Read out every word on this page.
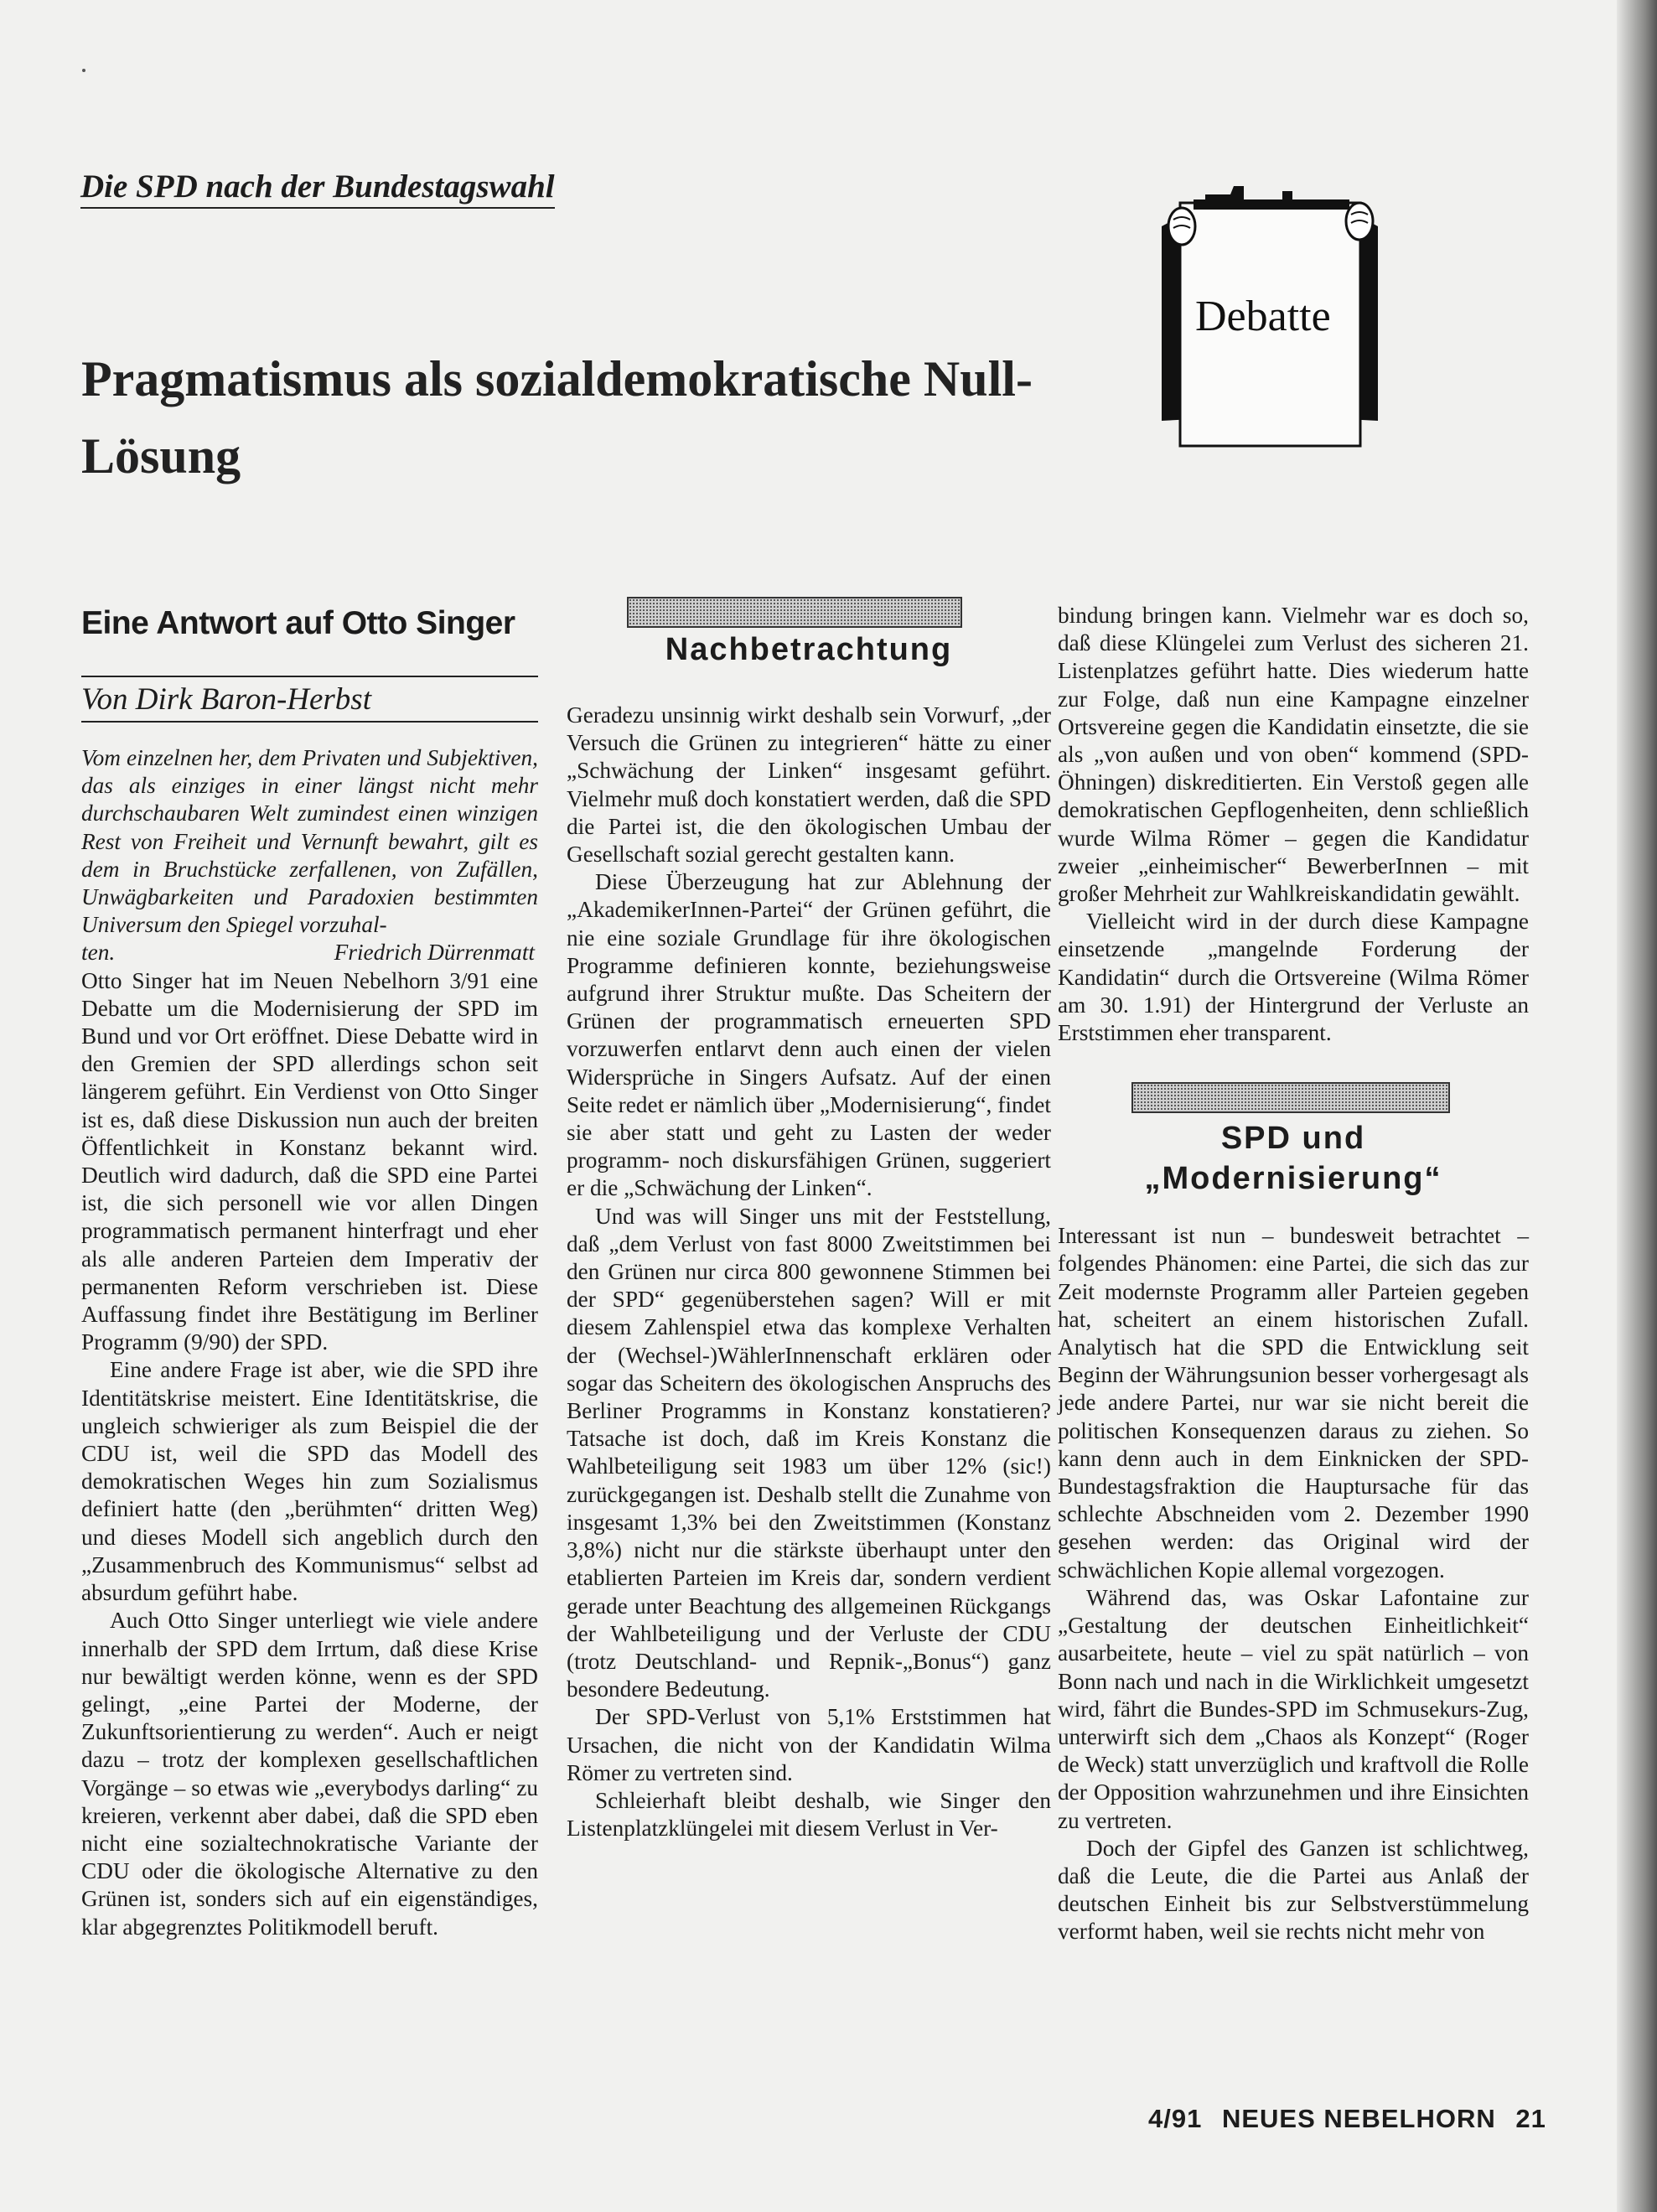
Die SPD nach der Bundestagswahl
Pragmatismus als sozialdemokratische Null-Lösung
Debatte
Eine Antwort auf Otto Singer
Von Dirk Baron-Herbst

Vom einzelnen her, dem Privaten und Subjektiven, das als einziges in einer längst nicht mehr durchschaubaren Welt zumindest einen winzigen Rest von Freiheit und Vernunft bewahrt, gilt es dem in Bruchstücke zerfallenen, von Zufällen, Unwägbarkeiten und Paradoxien bestimmten Universum den Spiegel vorzuhal-

ten.	Friedrich Dürrenmatt

Otto Singer hat im Neuen Nebelhorn 3/91 eine Debatte um die Modernisierung der SPD im Bund und vor Ort eröffnet. Diese Debatte wird in den Gremien der SPD allerdings schon seit längerem geführt. Ein Verdienst von Otto Singer ist es, daß diese Diskussion nun auch der breiten Öffentlichkeit in Konstanz bekannt wird. Deutlich wird dadurch, daß die SPD eine Partei ist, die sich personell wie vor allen Dingen programmatisch permanent hinterfragt und eher als alle anderen Parteien dem Imperativ der permanenten Reform verschrieben ist. Diese Auffassung findet ihre Bestätigung im Berliner Programm (9/90) der SPD.

Eine andere Frage ist aber, wie die SPD ihre Identitätskrise meistert. Eine Identitätskrise, die ungleich schwieriger als zum Beispiel die der CDU ist, weil die SPD das Modell des demokratischen Weges hin zum Sozialismus definiert hatte (den „berühmten“ dritten Weg) und dieses Modell sich angeblich durch den „Zusammenbruch des Kommunismus“ selbst ad absurdum geführt habe.

Auch Otto Singer unterliegt wie viele andere innerhalb der SPD dem Irrtum, daß diese Krise nur bewältigt werden könne, wenn es der SPD gelingt, „eine Partei der Moderne, der Zukunftsorientierung zu werden“. Auch er neigt dazu – trotz der komplexen gesellschaftlichen Vorgänge – so etwas wie „everybodys darling“ zu kreieren, verkennt aber dabei, daß die SPD eben nicht eine sozialtechnokratische Variante der CDU oder die ökologische Alternative zu den Grünen ist, sonders sich auf ein eigenständiges, klar abgegrenztes Politikmodell beruft.

Nachbetrachtung

Geradezu unsinnig wirkt deshalb sein Vorwurf, „der Versuch die Grünen zu integrieren“ hätte zu einer „Schwächung der Linken“ insgesamt geführt. Vielmehr muß doch konstatiert werden, daß die SPD die Partei ist, die den ökologischen Umbau der Gesellschaft sozial gerecht gestalten kann.

Diese Überzeugung hat zur Ablehnung der „AkademikerInnen-Partei“ der Grünen geführt, die nie eine soziale Grundlage für ihre ökologischen Programme definieren konnte, beziehungsweise aufgrund ihrer Struktur mußte. Das Scheitern der Grünen der programmatisch erneuerten SPD vorzuwerfen entlarvt denn auch einen der vielen Widersprüche in Singers Aufsatz. Auf der einen Seite redet er nämlich über „Modernisierung“, findet sie aber statt und geht zu Lasten der weder programm- noch diskursfähigen Grünen, suggeriert er die „Schwächung der Linken“.

Und was will Singer uns mit der Feststellung, daß „dem Verlust von fast 8000 Zweitstimmen bei den Grünen nur circa 800 gewonnene Stimmen bei der SPD“ gegenüberstehen sagen? Will er mit diesem Zahlenspiel etwa das komplexe Verhalten der (Wechsel-)WählerInnenschaft erklären oder sogar das Scheitern des ökologischen Anspruchs des Berliner Programms in Konstanz konstatieren? Tatsache ist doch, daß im Kreis Konstanz die Wahlbeteiligung seit 1983 um über 12% (sic!) zurückgegangen ist. Deshalb stellt die Zunahme von insgesamt 1,3% bei den Zweitstimmen (Konstanz 3,8%) nicht nur die stärkste überhaupt unter den etablierten Parteien im Kreis dar, sondern verdient gerade unter Beachtung des allgemeinen Rückgangs der Wahlbeteiligung und der Verluste der CDU (trotz Deutschland- und Repnik-„Bonus“) ganz besondere Bedeutung.

Der SPD-Verlust von 5,1% Erststimmen hat Ursachen, die nicht von der Kandidatin Wilma Römer zu vertreten sind.

Schleierhaft bleibt deshalb, wie Singer den Listenplatzklüngelei mit diesem Verlust in Ver-

bindung bringen kann. Vielmehr war es doch so, daß diese Klüngelei zum Verlust des sicheren 21. Listenplatzes geführt hatte. Dies wiederum hatte zur Folge, daß nun eine Kampagne einzelner Ortsvereine gegen die Kandidatin einsetzte, die sie als „von außen und von oben“ kommend (SPD-Öhningen) diskreditierten. Ein Verstoß gegen alle demokratischen Gepflogenheiten, denn schließlich wurde Wilma Römer – gegen die Kandidatur zweier „einheimischer“ BewerberInnen – mit großer Mehrheit zur Wahlkreiskandidatin gewählt.

Vielleicht wird in der durch diese Kampagne einsetzende „mangelnde Forderung der Kandidatin“ durch die Ortsvereine (Wilma Römer am 30. 1.91) der Hintergrund der Verluste an Erststimmen eher transparent.

SPD und
„Modernisierung“

Interessant ist nun – bundesweit betrachtet – folgendes Phänomen: eine Partei, die sich das zur Zeit modernste Programm aller Parteien gegeben hat, scheitert an einem historischen Zufall. Analytisch hat die SPD die Entwicklung seit Beginn der Währungsunion besser vorhergesagt als jede andere Partei, nur war sie nicht bereit die politischen Konsequenzen daraus zu ziehen. So kann denn auch in dem Einknicken der SPD-Bundestagsfraktion die Hauptursache für das schlechte Abschneiden vom 2. Dezember 1990 gesehen werden: das Original wird der schwächlichen Kopie allemal vorgezogen.

Während das, was Oskar Lafontaine zur „Gestaltung der deutschen Einheitlichkeit“ ausarbeitete, heute – viel zu spät natürlich – von Bonn nach und nach in die Wirklichkeit umgesetzt wird, fährt die Bundes-SPD im Schmusekurs-Zug, unterwirft sich dem „Chaos als Konzept“ (Roger de Weck) statt unverzüglich und kraftvoll die Rolle der Opposition wahrzunehmen und ihre Einsichten zu vertreten.

Doch der Gipfel des Ganzen ist schlichtweg, daß die Leute, die die Partei aus Anlaß der deutschen Einheit bis zur Selbstverstümmelung verformt haben, weil sie rechts nicht mehr von

4/91 NEUES NEBELHORN 21
